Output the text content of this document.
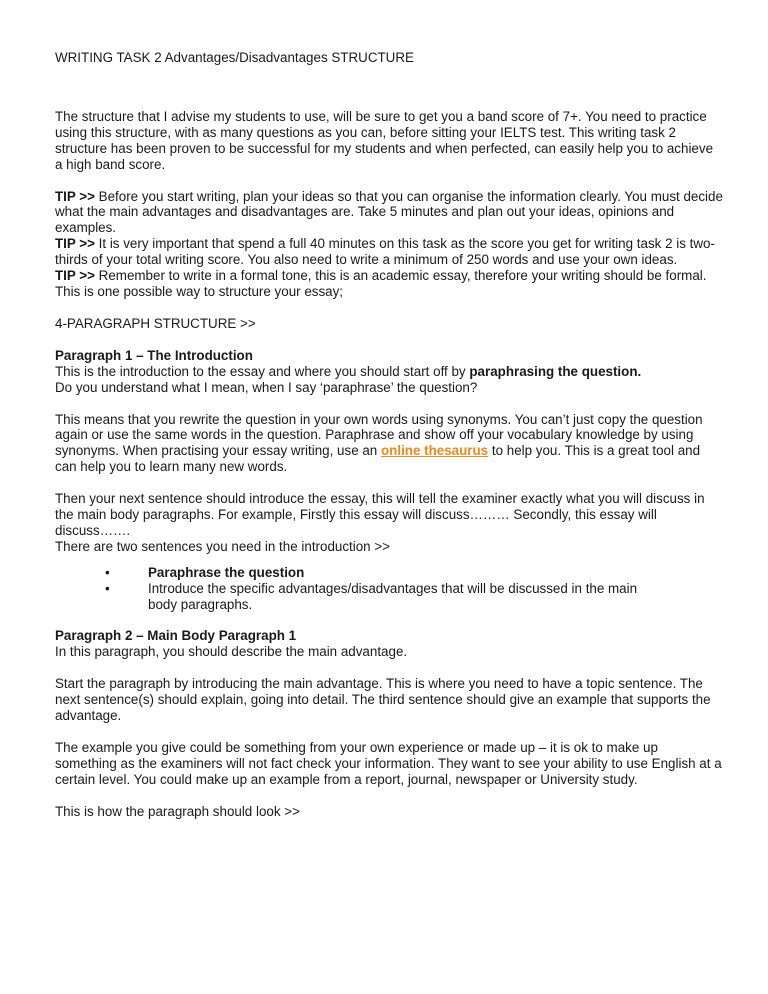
WRITING TASK 2 Advantages/Disadvantages STRUCTURE

The structure that I advise my students to use, will be sure to get you a band score of 7+. You need to practice using this structure, with as many questions as you can, before sitting your IELTS test. This writing task 2 structure has been proven to be successful for my students and when perfected, can easily help you to achieve a high band score.

TIP >> Before you start writing, plan your ideas so that you can organise the information clearly. You must decide what the main advantages and disadvantages are. Take 5 minutes and plan out your ideas, opinions and examples.

TIP >> It is very important that spend a full 40 minutes on this task as the score you get for writing task 2 is two-thirds of your total writing score. You also need to write a minimum of 250 words and use your own ideas.

TIP >> Remember to write in a formal tone, this is an academic essay, therefore your writing should be formal.

This is one possible way to structure your essay;

4-PARAGRAPH STRUCTURE >>

Paragraph 1 – The Introduction

This is the introduction to the essay and where you should start off by paraphrasing the question.

Do you understand what I mean, when I say ‘paraphrase’ the question?

This means that you rewrite the question in your own words using synonyms. You can’t just copy the question again or use the same words in the question. Paraphrase and show off your vocabulary knowledge by using synonyms. When practising your essay writing, use an online thesaurus to help you. This is a great tool and can help you to learn many new words.

Then your next sentence should introduce the essay, this will tell the examiner exactly what you will discuss in the main body paragraphs. For example, Firstly this essay will discuss……… Secondly, this essay will discuss…….

There are two sentences you need in the introduction >>

• Paraphrase the question
• Introduce the specific advantages/disadvantages that will be discussed in the main body paragraphs.

Paragraph 2 – Main Body Paragraph 1

In this paragraph, you should describe the main advantage.

Start the paragraph by introducing the main advantage. This is where you need to have a topic sentence. The next sentence(s) should explain, going into detail. The third sentence should give an example that supports the advantage.

The example you give could be something from your own experience or made up – it is ok to make up something as the examiners will not fact check your information. They want to see your ability to use English at a certain level. You could make up an example from a report, journal, newspaper or University study.

This is how the paragraph should look >>
